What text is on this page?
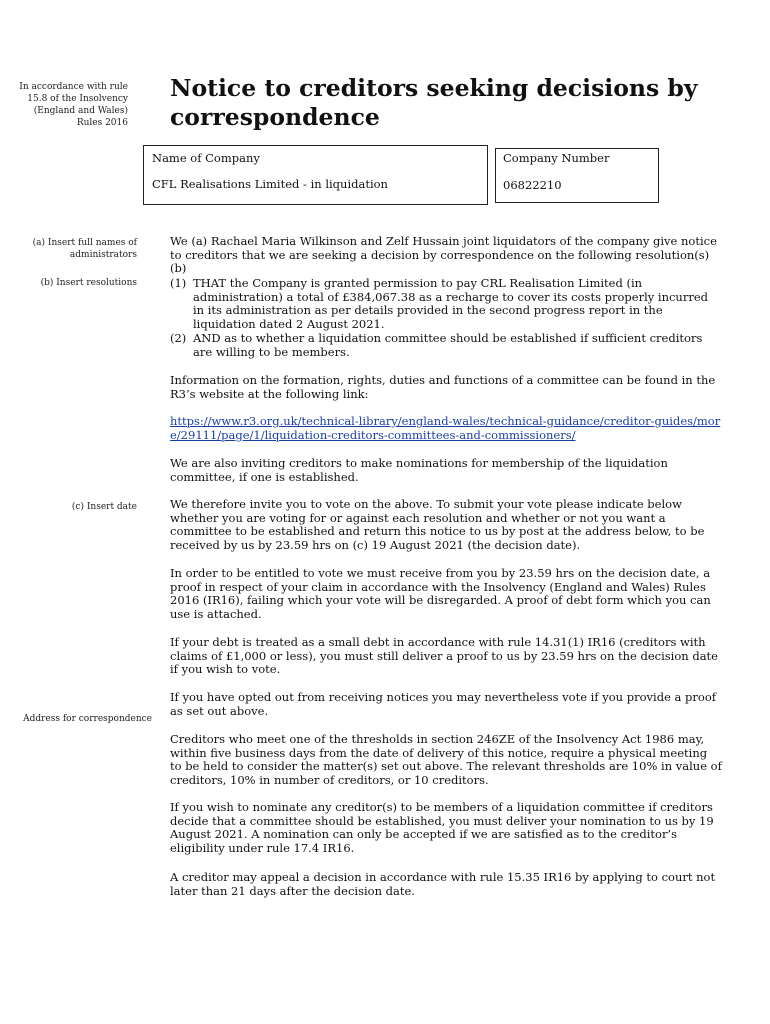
In accordance with rule 15.8 of the Insolvency (England and Wales) Rules 2016
Notice to creditors seeking decisions by correspondence
Name of Company
CFL Realisations Limited - in liquidation
Company Number
06822210
(a) Insert full names of administrators
(b) Insert resolutions
(c) Insert date
Address for correspondence

We (a) Rachael Maria Wilkinson and Zelf Hussain joint liquidators of the company give notice to creditors that we are seeking a decision by correspondence on the following resolution(s) (b)

(1) THAT the Company is granted permission to pay CRL Realisation Limited (in administration) a total of £384,067.38 as a recharge to cover its costs properly incurred in its administration as per details provided in the second progress report in the liquidation dated 2 August 2021.
(2) AND as to whether a liquidation committee should be established if sufficient creditors are willing to be members.

Information on the formation, rights, duties and functions of a committee can be found in the R3’s website at the following link:

https://www.r3.org.uk/technical-library/england-wales/technical-guidance/creditor-guides/more/29111/page/1/liquidation-creditors-committees-and-commissioners/

We are also inviting creditors to make nominations for membership of the liquidation committee, if one is established.

We therefore invite you to vote on the above. To submit your vote please indicate below whether you are voting for or against each resolution and whether or not you want a committee to be established and return this notice to us by post at the address below, to be received by us by 23.59 hrs on (c) 19 August 2021 (the decision date).

In order to be entitled to vote we must receive from you by 23.59 hrs on the decision date, a proof in respect of your claim in accordance with the Insolvency (England and Wales) Rules 2016 (IR16), failing which your vote will be disregarded. A proof of debt form which you can use is attached.

If your debt is treated as a small debt in accordance with rule 14.31(1) IR16 (creditors with claims of £1,000 or less), you must still deliver a proof to us by 23.59 hrs on the decision date if you wish to vote.

If you have opted out from receiving notices you may nevertheless vote if you provide a proof as set out above.

Creditors who meet one of the thresholds in section 246ZE of the Insolvency Act 1986 may, within five business days from the date of delivery of this notice, require a physical meeting to be held to consider the matter(s) set out above. The relevant thresholds are 10% in value of creditors, 10% in number of creditors, or 10 creditors.

If you wish to nominate any creditor(s) to be members of a liquidation committee if creditors decide that a committee should be established, you must deliver your nomination to us by 19 August 2021. A nomination can only be accepted if we are satisfied as to the creditor’s eligibility under rule 17.4 IR16.

A creditor may appeal a decision in accordance with rule 15.35 IR16 by applying to court not later than 21 days after the decision date.
